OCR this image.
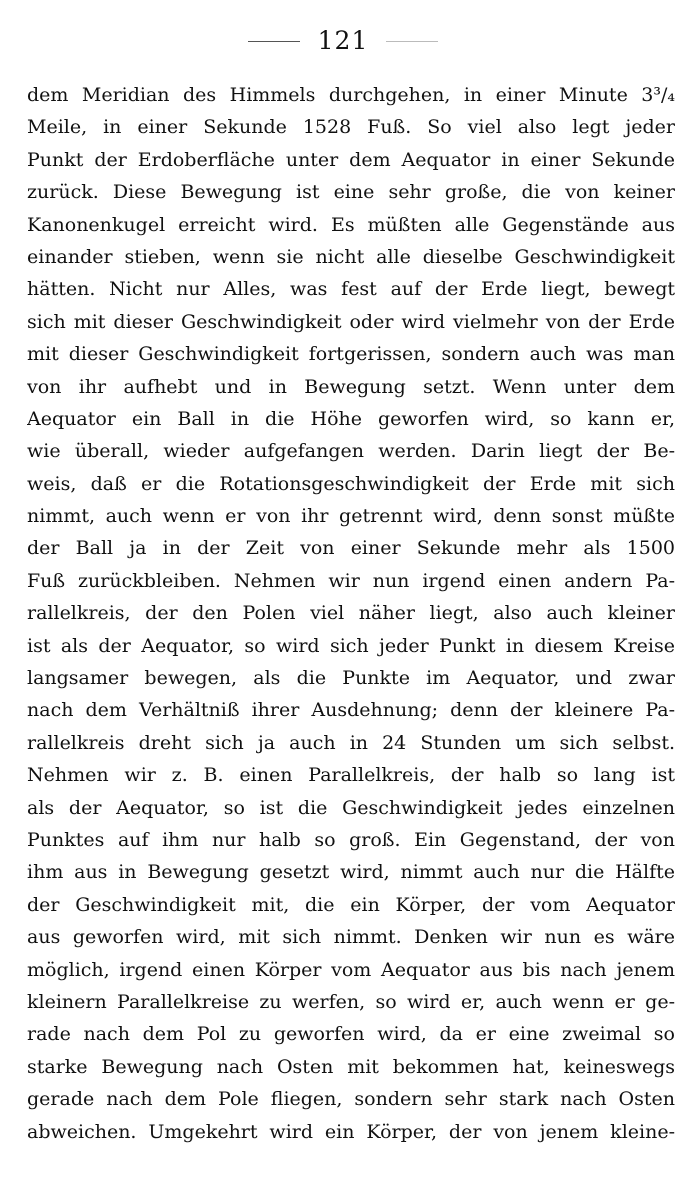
121
dem Meridian des Himmels durchgehen, in einer Minute 3³/₄
Meile, in einer Sekunde 1528 Fuß. So viel also legt jeder
Punkt der Erdoberfläche unter dem Aequator in einer Sekunde
zurück. Diese Bewegung ist eine sehr große, die von keiner
Kanonenkugel erreicht wird. Es müßten alle Gegenstände aus
einander stieben, wenn sie nicht alle dieselbe Geschwindigkeit
hätten. Nicht nur Alles, was fest auf der Erde liegt, bewegt
sich mit dieser Geschwindigkeit oder wird vielmehr von der Erde
mit dieser Geschwindigkeit fortgerissen, sondern auch was man
von ihr aufhebt und in Bewegung setzt. Wenn unter dem
Aequator ein Ball in die Höhe geworfen wird, so kann er,
wie überall, wieder aufgefangen werden. Darin liegt der Be-
weis, daß er die Rotationsgeschwindigkeit der Erde mit sich
nimmt, auch wenn er von ihr getrennt wird, denn sonst müßte
der Ball ja in der Zeit von einer Sekunde mehr als 1500
Fuß zurückbleiben. Nehmen wir nun irgend einen andern Pa-
rallelkreis, der den Polen viel näher liegt, also auch kleiner
ist als der Aequator, so wird sich jeder Punkt in diesem Kreise
langsamer bewegen, als die Punkte im Aequator, und zwar
nach dem Verhältniß ihrer Ausdehnung; denn der kleinere Pa-
rallelkreis dreht sich ja auch in 24 Stunden um sich selbst.
Nehmen wir z. B. einen Parallelkreis, der halb so lang ist
als der Aequator, so ist die Geschwindigkeit jedes einzelnen
Punktes auf ihm nur halb so groß. Ein Gegenstand, der von
ihm aus in Bewegung gesetzt wird, nimmt auch nur die Hälfte
der Geschwindigkeit mit, die ein Körper, der vom Aequator
aus geworfen wird, mit sich nimmt. Denken wir nun es wäre
möglich, irgend einen Körper vom Aequator aus bis nach jenem
kleinern Parallelkreise zu werfen, so wird er, auch wenn er ge-
rade nach dem Pol zu geworfen wird, da er eine zweimal so
starke Bewegung nach Osten mit bekommen hat, keineswegs
gerade nach dem Pole fliegen, sondern sehr stark nach Osten
abweichen. Umgekehrt wird ein Körper, der von jenem kleine-
